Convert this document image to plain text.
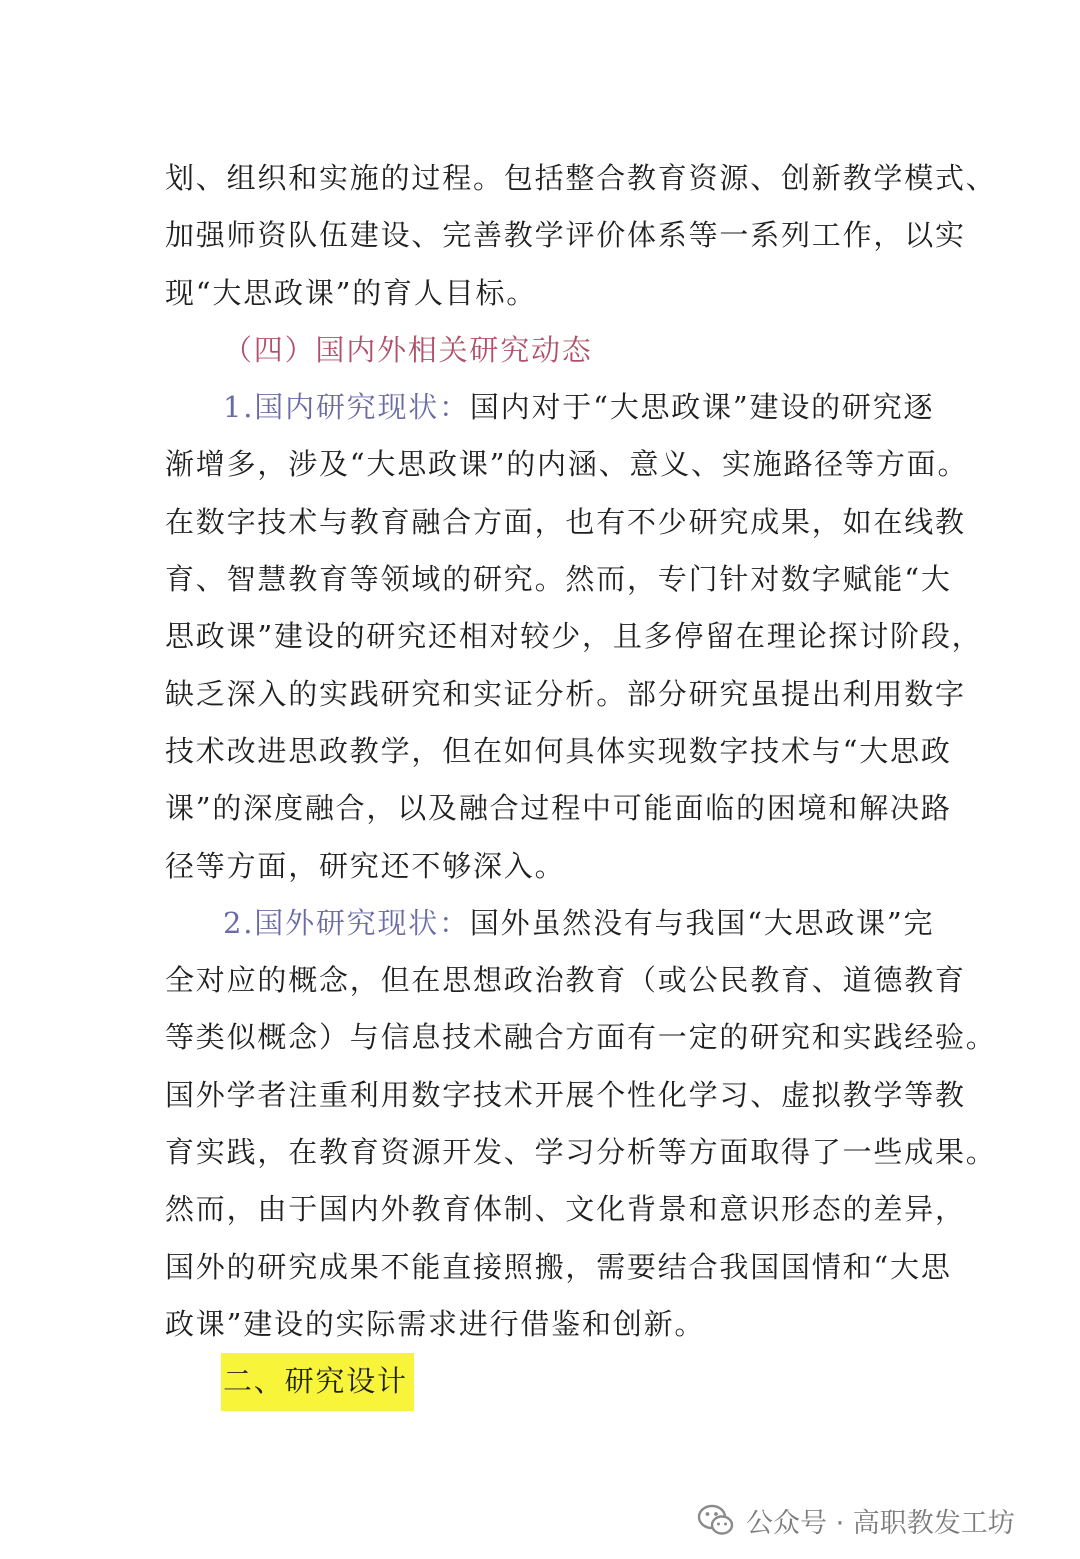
划、组织和实施的过程。包括整合教育资源、创新教学模式、
加强师资队伍建设、完善教学评价体系等一系列工作，以实
现“大思政课”的育人目标。
（四）国内外相关研究动态
1.国内研究现状：国内对于“大思政课”建设的研究逐
渐增多，涉及“大思政课”的内涵、意义、实施路径等方面。
在数字技术与教育融合方面，也有不少研究成果，如在线教
育、智慧教育等领域的研究。然而，专门针对数字赋能“大
思政课”建设的研究还相对较少，且多停留在理论探讨阶段，
缺乏深入的实践研究和实证分析。部分研究虽提出利用数字
技术改进思政教学，但在如何具体实现数字技术与“大思政
课”的深度融合，以及融合过程中可能面临的困境和解决路
径等方面，研究还不够深入。
2.国外研究现状：国外虽然没有与我国“大思政课”完
全对应的概念，但在思想政治教育（或公民教育、道德教育
等类似概念）与信息技术融合方面有一定的研究和实践经验。
国外学者注重利用数字技术开展个性化学习、虚拟教学等教
育实践，在教育资源开发、学习分析等方面取得了一些成果。
然而，由于国内外教育体制、文化背景和意识形态的差异，
国外的研究成果不能直接照搬，需要结合我国国情和“大思
政课”建设的实际需求进行借鉴和创新。
二、研究设计
公众号 · 高职教发工坊
